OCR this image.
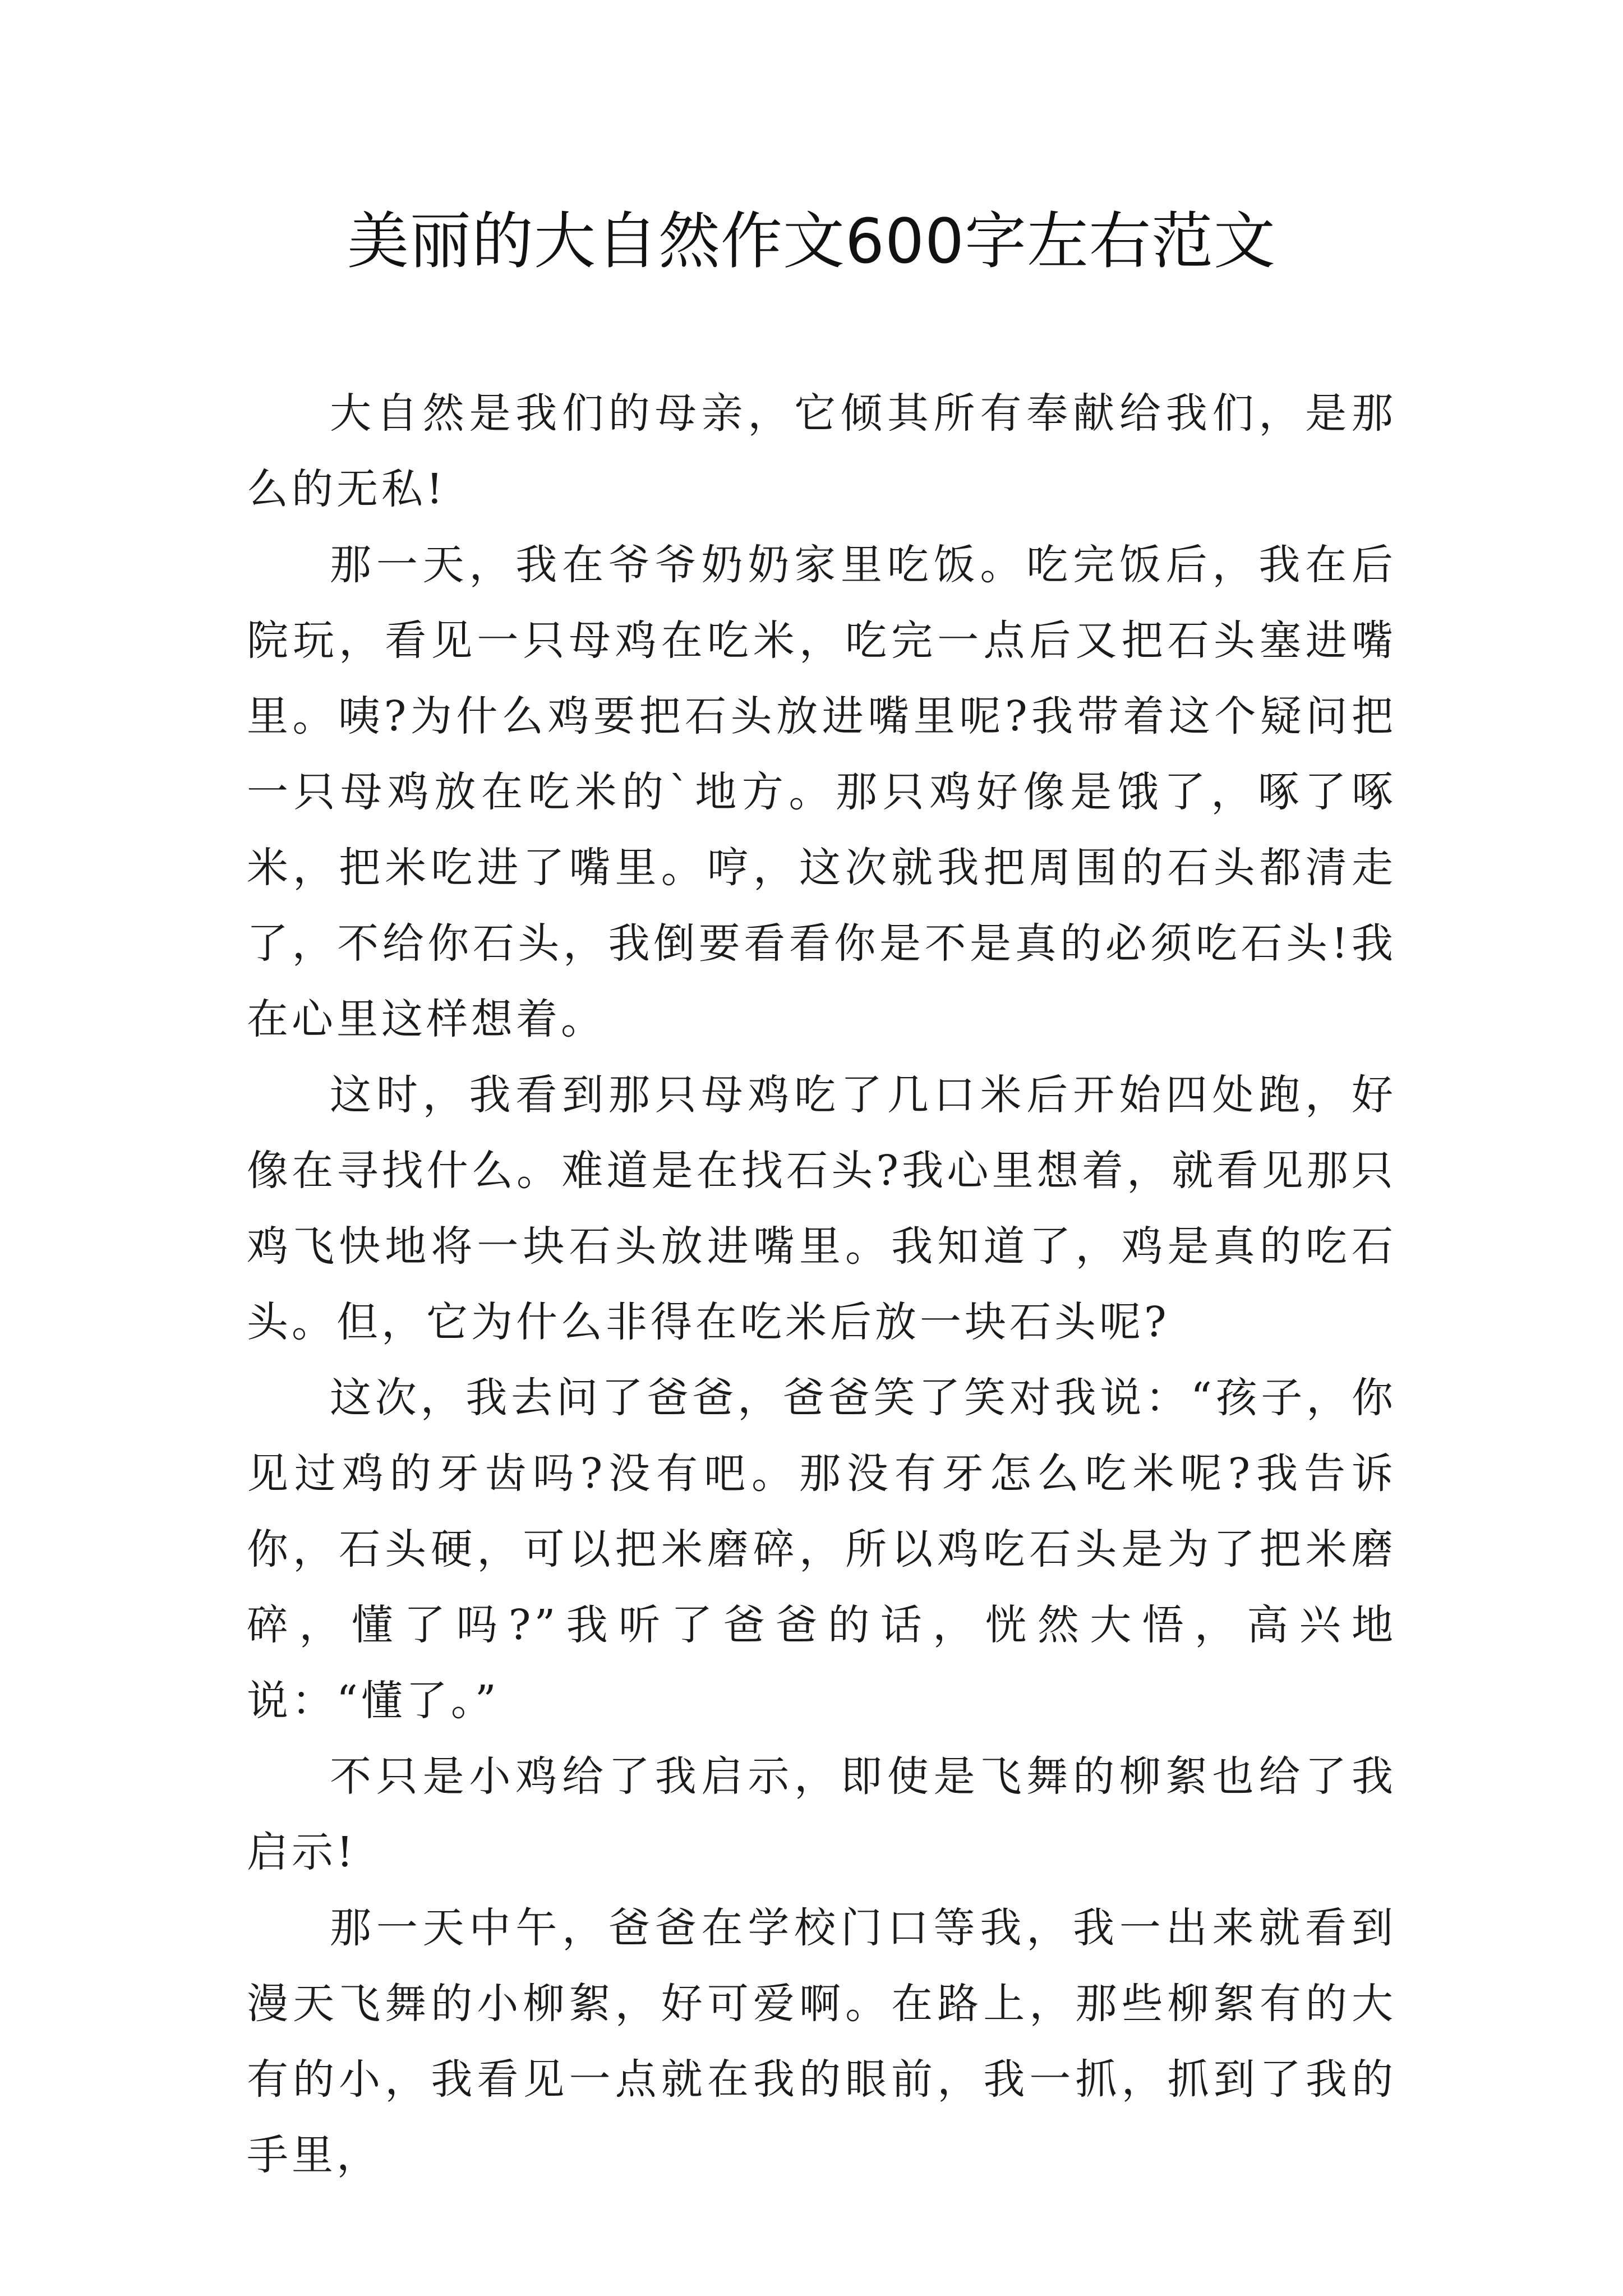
美丽的大自然作文600字左右范文

大自然是我们的母亲，它倾其所有奉献给我们，是那么的无私!

那一天，我在爷爷奶奶家里吃饭。吃完饭后，我在后院玩，看见一只母鸡在吃米，吃完一点后又把石头塞进嘴里。咦?为什么鸡要把石头放进嘴里呢?我带着这个疑问把一只母鸡放在吃米的`地方。那只鸡好像是饿了，啄了啄米，把米吃进了嘴里。哼，这次就我把周围的石头都清走了，不给你石头，我倒要看看你是不是真的必须吃石头!我在心里这样想着。

这时，我看到那只母鸡吃了几口米后开始四处跑，好像在寻找什么。难道是在找石头?我心里想着，就看见那只鸡飞快地将一块石头放进嘴里。我知道了，鸡是真的吃石头。但，它为什么非得在吃米后放一块石头呢?

这次，我去问了爸爸，爸爸笑了笑对我说：“孩子，你见过鸡的牙齿吗?没有吧。那没有牙怎么吃米呢?我告诉你，石头硬，可以把米磨碎，所以鸡吃石头是为了把米磨碎，懂了吗?”我听了爸爸的话，恍然大悟，高兴地说：“懂了。”

不只是小鸡给了我启示，即使是飞舞的柳絮也给了我启示!

那一天中午，爸爸在学校门口等我，我一出来就看到漫天飞舞的小柳絮，好可爱啊。在路上，那些柳絮有的大有的小，我看见一点就在我的眼前，我一抓，抓到了我的手里，
